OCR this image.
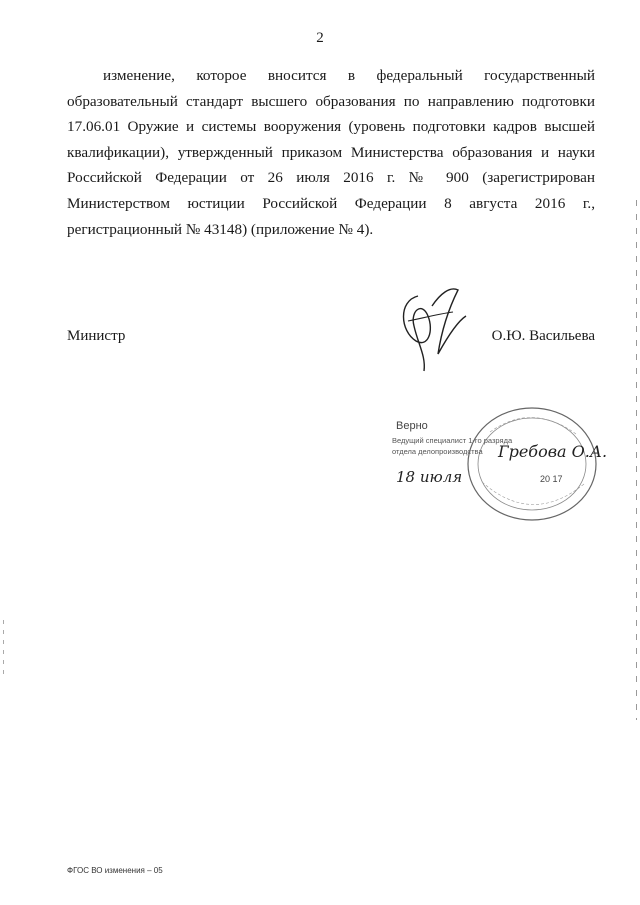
2

изменение, которое вносится в федеральный государственный образовательный стандарт высшего образования по направлению подготовки 17.06.01 Оружие и системы вооружения (уровень подготовки кадров высшей квалификации), утвержденный приказом Министерства образования и науки Российской Федерации от 26 июля 2016 г. № 900 (зарегистрирован Министерством юстиции Российской Федерации 8 августа 2016 г., регистрационный № 43148) (приложение № 4).

Министр	О.Ю. Васильева
Верно
Ведущий специалист 1-го разряда
отдела делопроизводства Гребова О.А.
18 июля	20 17
ФГОС ВО изменения – 05
